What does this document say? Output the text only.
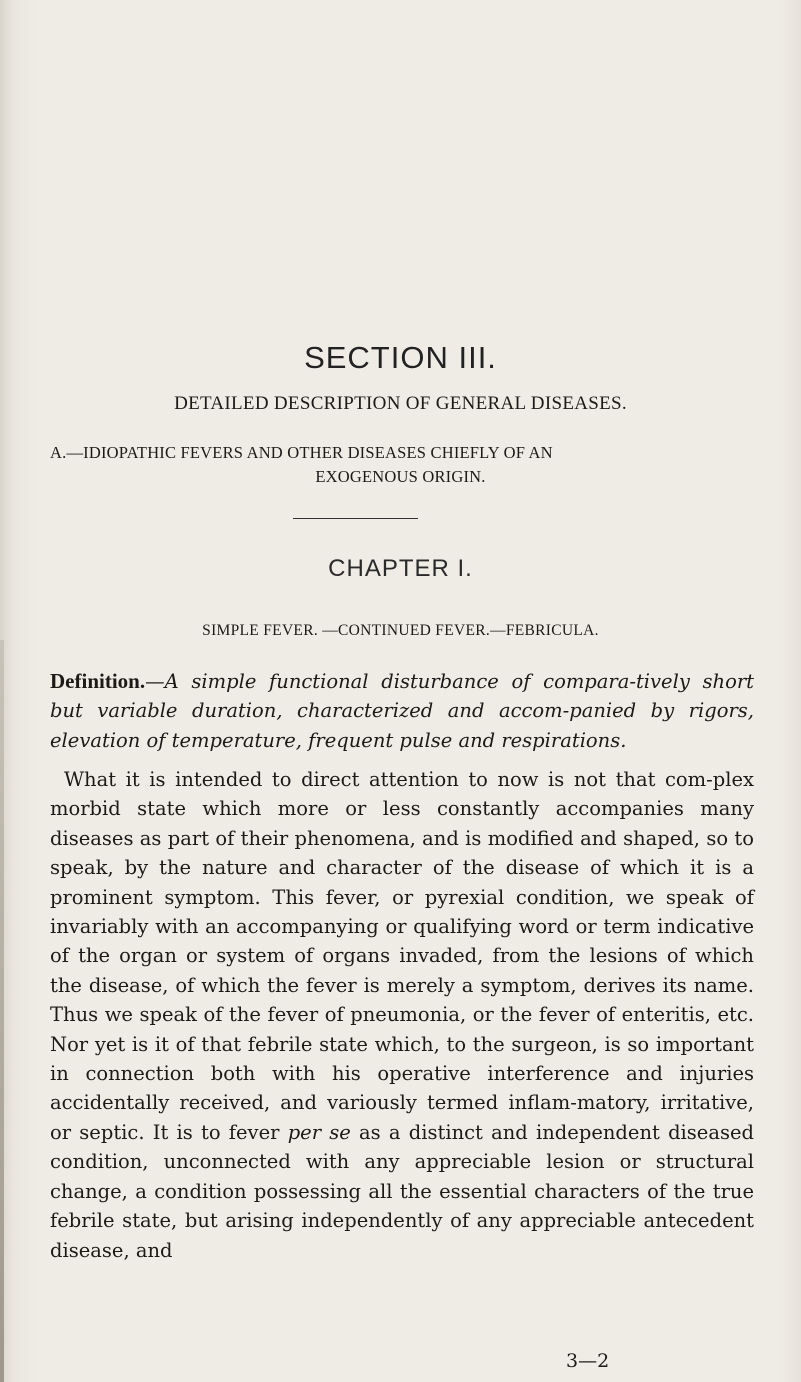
SECTION III.
DETAILED DESCRIPTION OF GENERAL DISEASES.
A.—IDIOPATHIC FEVERS AND OTHER DISEASES CHIEFLY OF AN
EXOGENOUS ORIGIN.
CHAPTER I.
SIMPLE FEVER. —CONTINUED FEVER.—FEBRICULA.
Definition.—A simple functional disturbance of compara-tively short but variable duration, characterized and accom-panied by rigors, elevation of temperature, frequent pulse and respirations.
What it is intended to direct attention to now is not that com-plex morbid state which more or less constantly accompanies many diseases as part of their phenomena, and is modified and shaped, so to speak, by the nature and character of the disease of which it is a prominent symptom. This fever, or pyrexial condition, we speak of invariably with an accompanying or qualifying word or term indicative of the organ or system of organs invaded, from the lesions of which the disease, of which the fever is merely a symptom, derives its name. Thus we speak of the fever of pneumonia, or the fever of enteritis, etc. Nor yet is it of that febrile state which, to the surgeon, is so important in connection both with his operative interference and injuries accidentally received, and variously termed inflam-matory, irritative, or septic. It is to fever per se as a distinct and independent diseased condition, unconnected with any appreciable lesion or structural change, a condition possessing all the essential characters of the true febrile state, but arising independently of any appreciable antecedent disease, and
3—2
